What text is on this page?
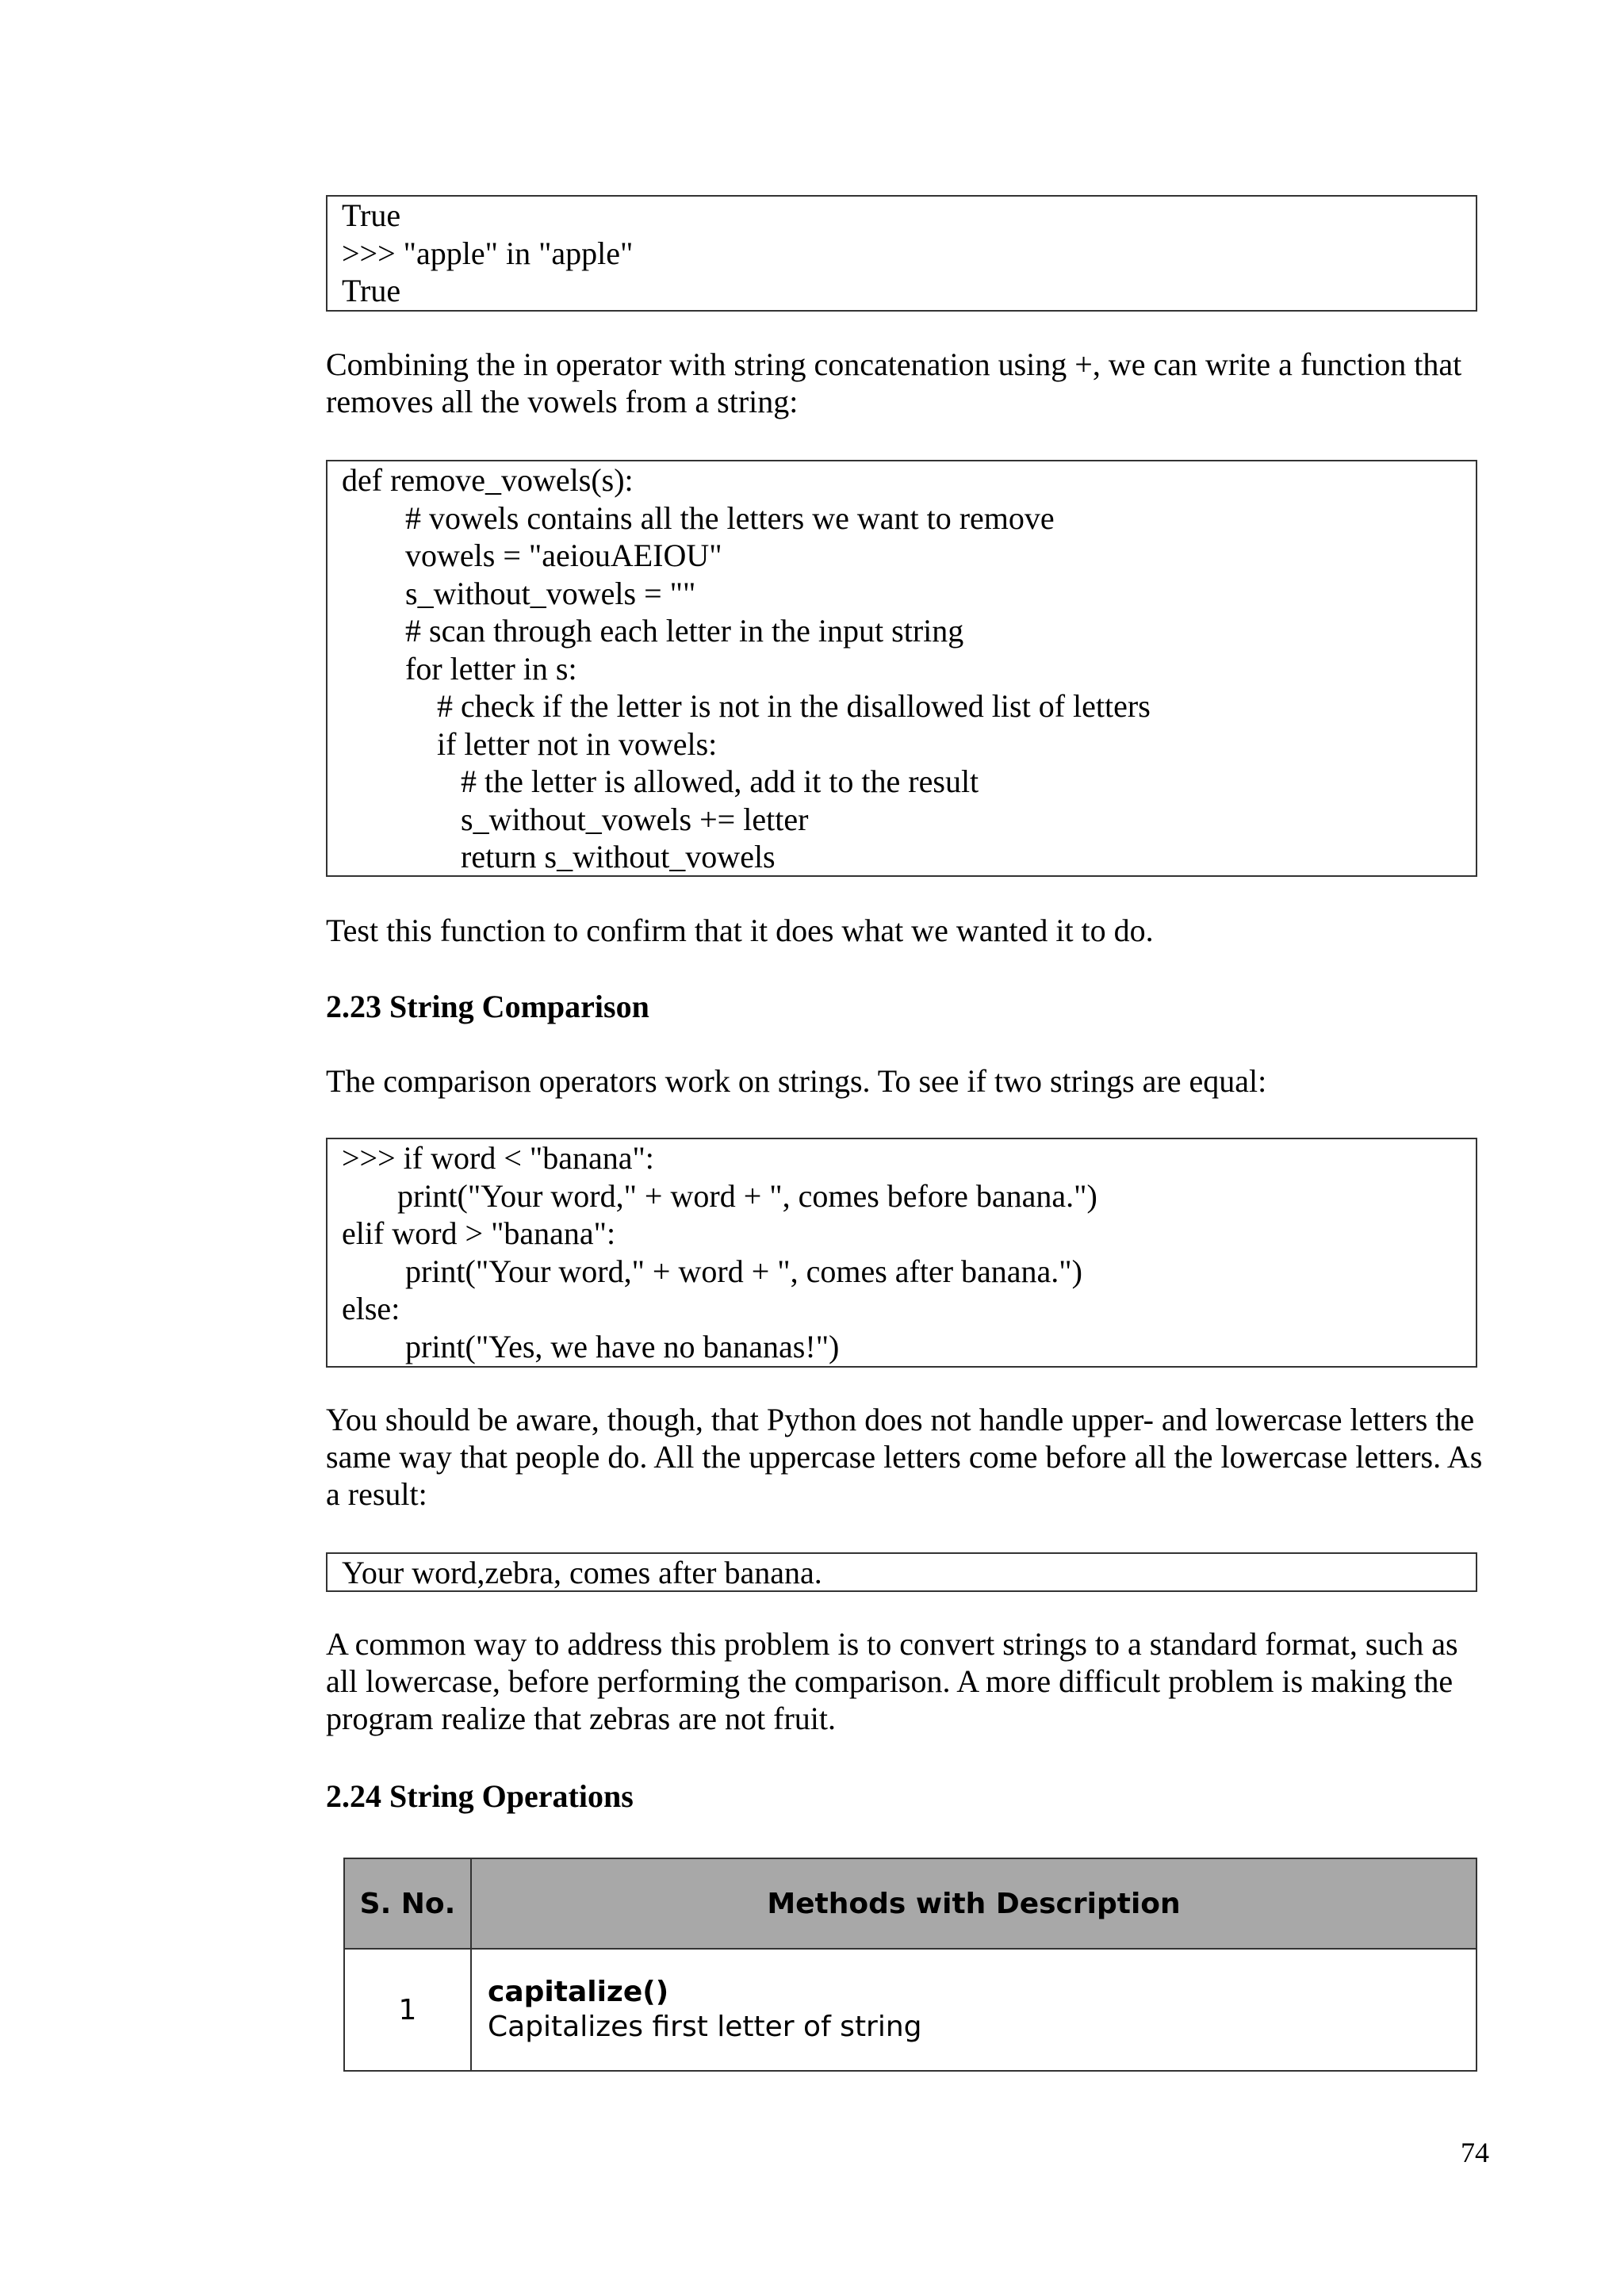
True
>>> "apple" in "apple"
True

Combining the in operator with string concatenation using +, we can write a function that removes all the vowels from a string:

def remove_vowels(s):
# vowels contains all the letters we want to remove
vowels = "aeiouAEIOU"
s_without_vowels = ""
# scan through each letter in the input string
for letter in s:
# check if the letter is not in the disallowed list of letters
if letter not in vowels:
# the letter is allowed, add it to the result
s_without_vowels += letter
return s_without_vowels

Test this function to confirm that it does what we wanted it to do.

2.23 String Comparison

The comparison operators work on strings. To see if two strings are equal:

>>> if word < "banana":
print("Your word," + word + ", comes before banana.")
elif word > "banana":
print("Your word," + word + ", comes after banana.")
else:
print("Yes, we have no bananas!")

You should be aware, though, that Python does not handle upper- and lowercase letters the same way that people do. All the uppercase letters come before all the lowercase letters. As a result:

Your word,zebra, comes after banana.

A common way to address this problem is to convert strings to a standard format, such as all lowercase, before performing the comparison. A more difficult problem is making the program realize that zebras are not fruit.

2.24 String Operations
S. No.	Methods with Description
1	capitalize()
Capitalizes first letter of string
74
